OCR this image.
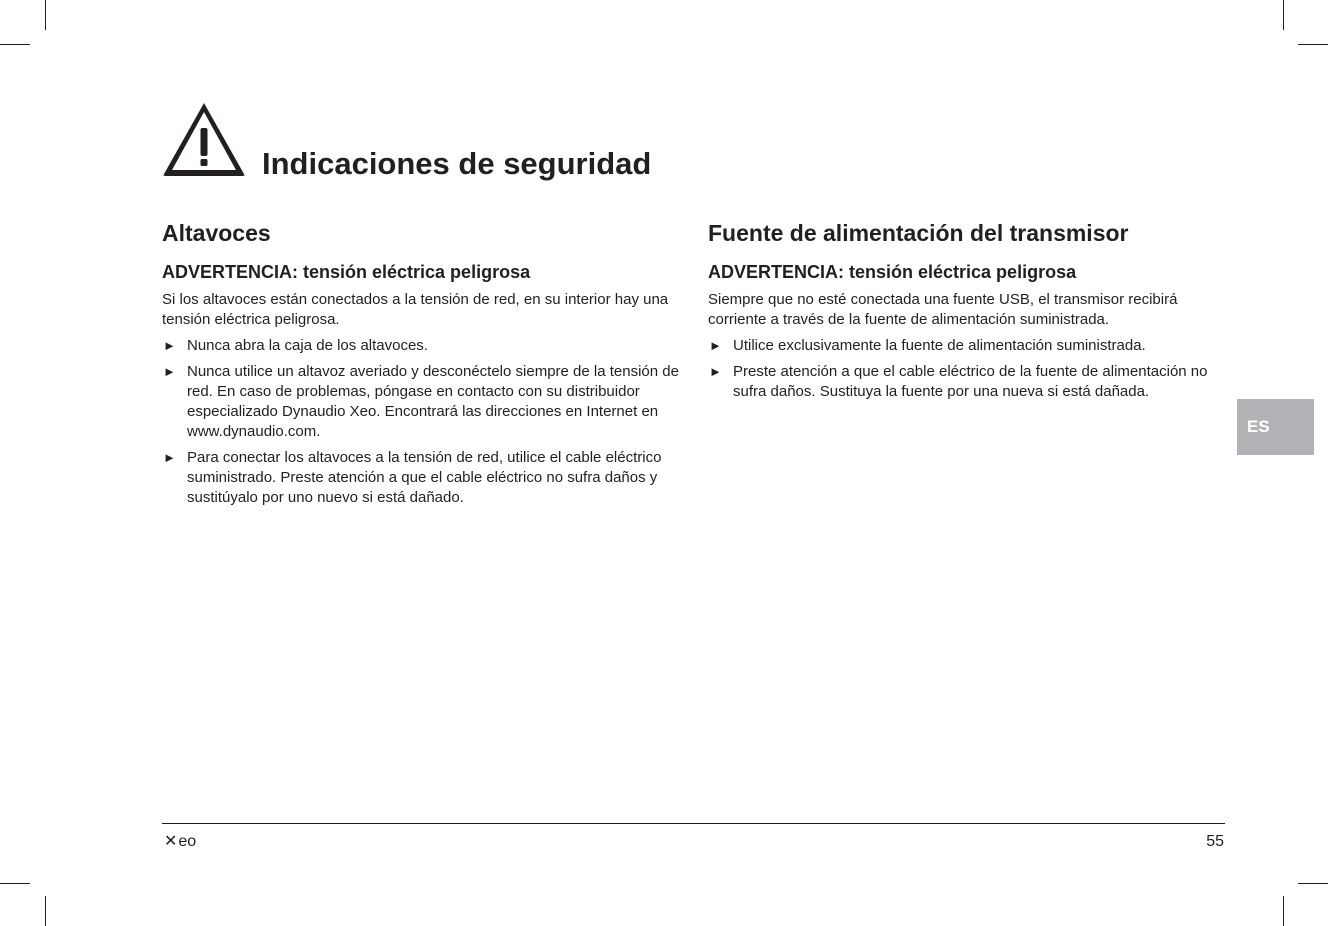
Indicaciones de seguridad
Altavoces
ADVERTENCIA: tensión eléctrica peligrosa

Si los altavoces están conectados a la tensión de red, en su interior hay una tensión eléctrica peligrosa.

► Nunca abra la caja de los altavoces.
► Nunca utilice un altavoz averiado y desconéctelo siempre de la tensión de red. En caso de problemas, póngase en contacto con su distribuidor especializado Dynaudio Xeo. Encontrará las direcciones en Internet en www.dynaudio.com.
► Para conectar los altavoces a la tensión de red, utilice el cable eléctrico suministrado. Preste atención a que el cable eléctrico no sufra daños y sustitúyalo por uno nuevo si está dañado.
Fuente de alimentación del transmisor
ADVERTENCIA: tensión eléctrica peligrosa

Siempre que no esté conectada una fuente USB, el transmisor recibirá corriente a través de la fuente de alimentación suministrada.

► Utilice exclusivamente la fuente de alimentación suministrada.
► Preste atención a que el cable eléctrico de la fuente de alimentación no sufra daños. Sustituya la fuente por una nueva si está dañada.
ES
✕ eo	55
